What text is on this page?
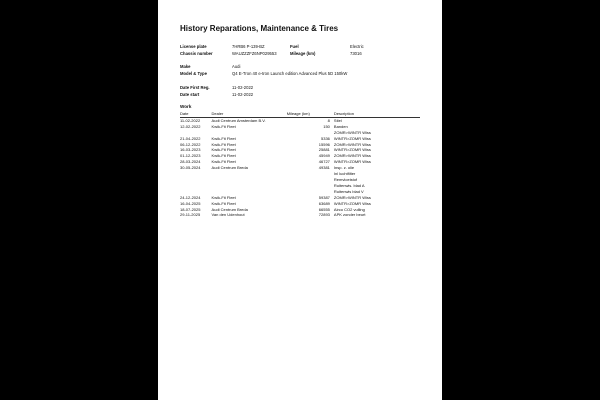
History Reparations, Maintenance & Tires
License plate	7HRB6 P-139-BZ	Fuel	Electric
Chassis number	WAUZZZFZ6NP029553	Mileage (km)	73016
Make	Audi
Model & Type	Q4 E-Tron 40 e-tron Launch edition Advanced Plus 5D 150kW
Date First Reg.	11-02-2022
Date start	11-02-2022
Work
Date	Dealer	Mileage (km)	Description
11-02-2022	Audi Centrum Amsterdam B.V.	8	Stiel

12-02-2022	Kwik-Fit Fleet	150	Banden
ZOMR>WINTR Wiss

21-04-2022	Kwik-Fit Fleet	5336	WINTR>ZOMR Wiss

06-12-2022	Kwik-Fit Fleet	15596	ZOMR>WINTR Wiss

16-03-2023	Kwik-Fit Fleet	25881	WINTR>ZOMR Wiss

01-12-2023	Kwik-Fit Fleet	45949	ZOMR>WINTR Wiss

28-03-2024	Kwik-Fit Fleet	46727	WINTR>ZOMR Wiss

30-05-2024	Audi Centrum Breda	49381	Insp. z. olie
Inl luchtfilter
Remvloeistof
Ruitenwis. blad A
Ruitenwis blad V

24-12-2024	Kwik-Fit Fleet	59387	ZOMR>WINTR Wiss

16-04-2025	Kwik-Fit Fleet	63689	WINTR>ZOMR Wiss

18-07-2025	Audi Centrum Breda	66555	Airco CO2 vulling

29-11-2025	Van den Udenhout	72893	APK zonder beurt
